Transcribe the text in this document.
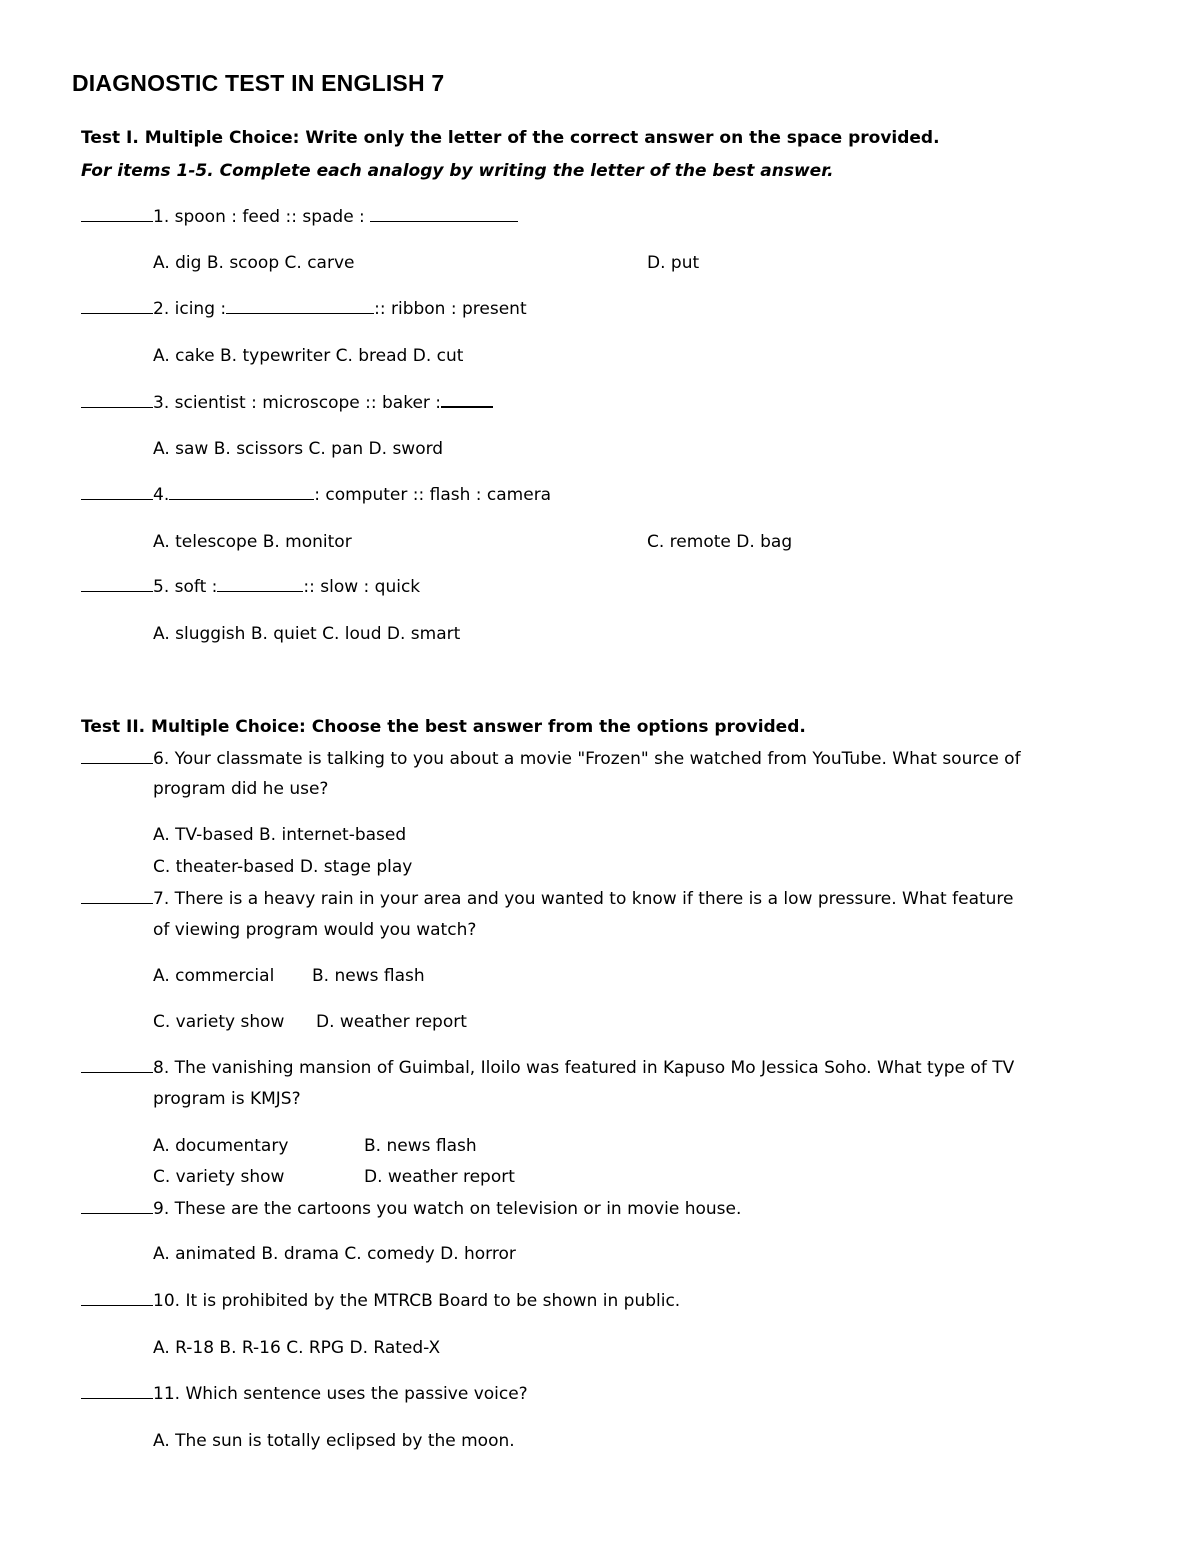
DIAGNOSTIC TEST IN ENGLISH 7
Test I. Multiple Choice: Write only the letter of the correct answer on the space provided.
For items 1-5. Complete each analogy by writing the letter of the best answer.
1. spoon : feed :: spade :
A. dig B. scoop C. carve	D. put
2. icing :	:: ribbon : present
A. cake B. typewriter C. bread D. cut
3. scientist : microscope :: baker :
A. saw B. scissors C. pan D. sword
4.	: computer :: flash : camera
A. telescope B. monitor	C. remote D. bag
5. soft :	:: slow : quick
A. sluggish B. quiet C. loud D. smart
Test II. Multiple Choice: Choose the best answer from the options provided.
6. Your classmate is talking to you about a movie "Frozen" she watched from YouTube. What source of
program did he use?
A. TV-based B. internet-based
C. theater-based D. stage play
7. There is a heavy rain in your area and you wanted to know if there is a low pressure. What feature
of viewing program would you watch?
A. commercial B. news flash
C. variety show D. weather report
8. The vanishing mansion of Guimbal, Iloilo was featured in Kapuso Mo Jessica Soho. What type of TV
program is KMJS?
A. documentary	B. news flash
C. variety show	D. weather report
9. These are the cartoons you watch on television or in movie house.
A. animated B. drama C. comedy D. horror
10. It is prohibited by the MTRCB Board to be shown in public.
A. R-18 B. R-16 C. RPG D. Rated-X
11. Which sentence uses the passive voice?
A. The sun is totally eclipsed by the moon.
